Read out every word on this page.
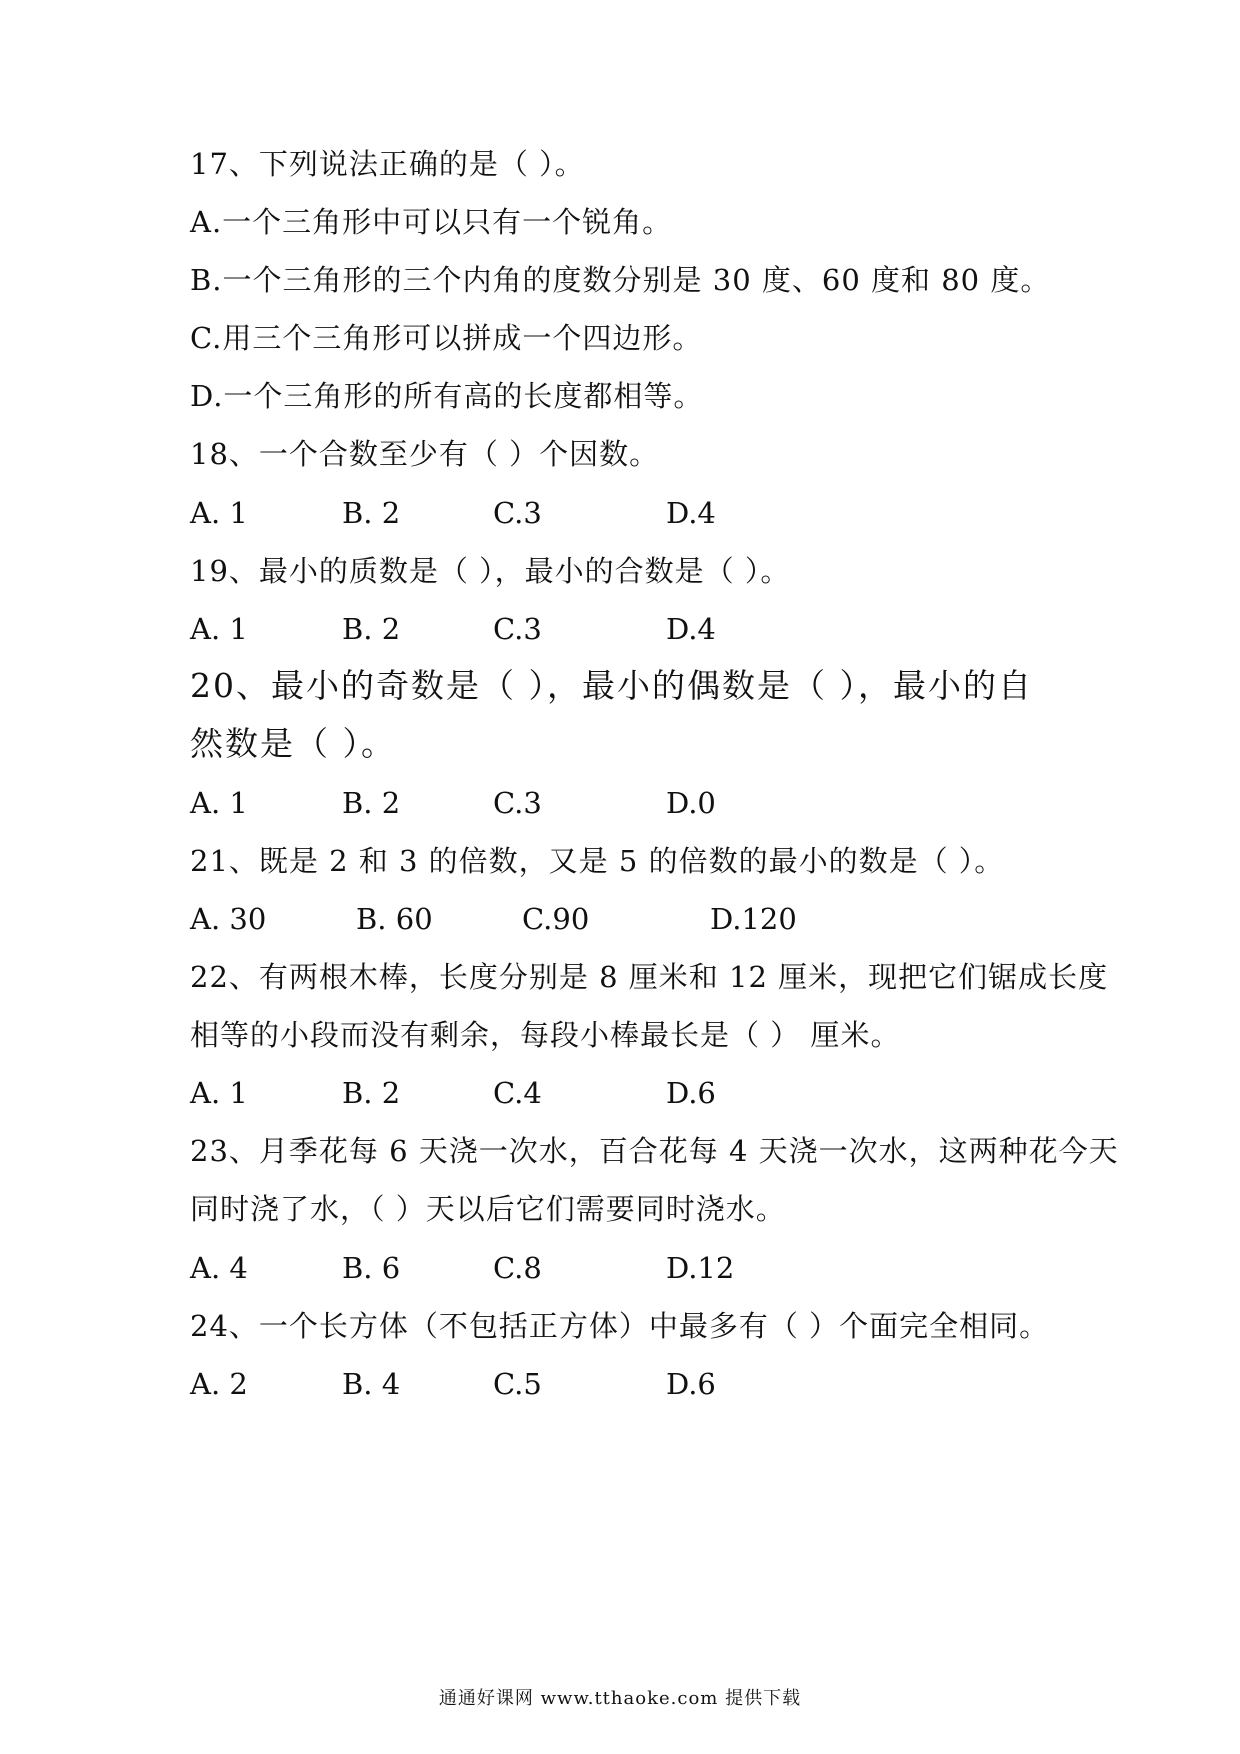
17、下列说法正确的是（ ）。
A.一个三角形中可以只有一个锐角。
B.一个三角形的三个内角的度数分别是 30 度、60 度和 80 度。
C.用三个三角形可以拼成一个四边形。
D.一个三角形的所有高的长度都相等。
18、一个合数至少有（ ）个因数。
A. 1	B. 2	C.3	D.4
19、最小的质数是（ ），最小的合数是（ ）。
A. 1	B. 2	C.3	D.4
20、最小的奇数是（ ），最小的偶数是（ ），最小的自
然数是（ ）。
A. 1	B. 2	C.3	D.0
21、既是 2 和 3 的倍数，又是 5 的倍数的最小的数是（ ）。
A. 30	B. 60	C.90	D.120
22、有两根木棒，长度分别是 8 厘米和 12 厘米，现把它们锯成长度
相等的小段而没有剩余，每段小棒最长是（ ） 厘米。
A. 1	B. 2	C.4	D.6
23、月季花每 6 天浇一次水，百合花每 4 天浇一次水，这两种花今天
同时浇了水，（ ）天以后它们需要同时浇水。
A. 4	B. 6	C.8	D.12
24、一个长方体（不包括正方体）中最多有（ ）个面完全相同。
A. 2	B. 4	C.5	D.6
通通好课网 www.tthaoke.com 提供下载
